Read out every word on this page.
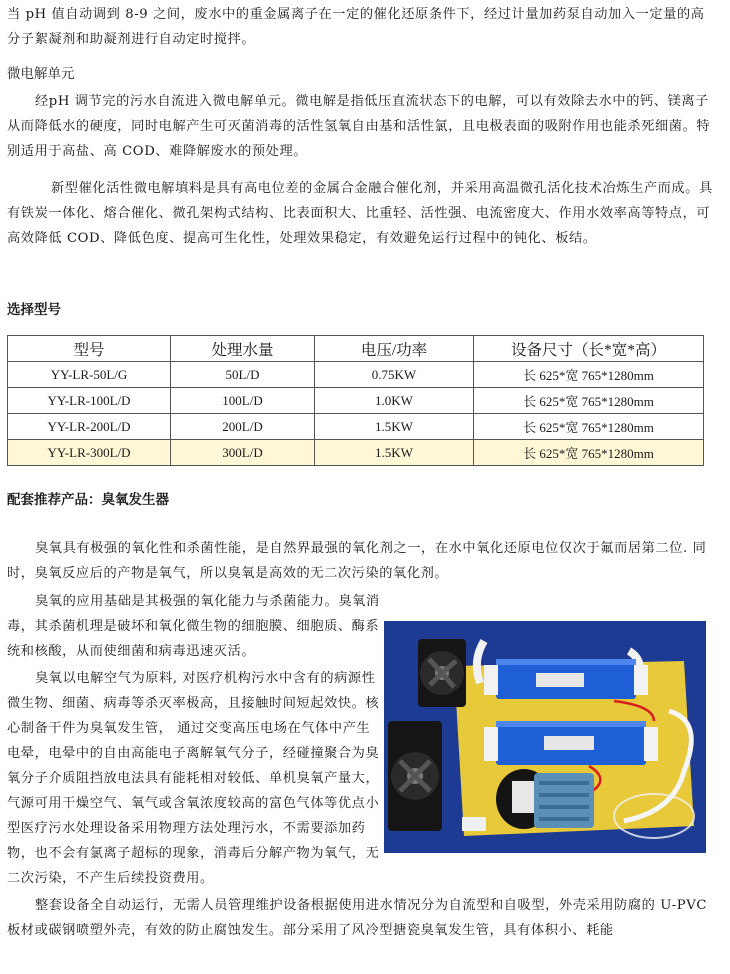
当 pH 值自动调到 8-9 之间，废水中的重金属离子在一定的催化还原条件下，经过计量加药泵自动加入一定量的高分子絮凝剂和助凝剂进行自动定时搅拌。

微电解单元

经pH 调节完的污水自流进入微电解单元。微电解是指低压直流状态下的电解，可以有效除去水中的钙、镁离子从而降低水的硬度，同时电解产生可灭菌消毒的活性氢氧自由基和活性氯，且电极表面的吸附作用也能杀死细菌。特别适用于高盐、高 COD、难降解废水的预处理。

新型催化活性微电解填料是具有高电位差的金属合金融合催化剂，并采用高温微孔活化技术冶炼生产而成。具有铁炭一体化、熔合催化、微孔架构式结构、比表面积大、比重轻、活性强、电流密度大、作用水效率高等特点，可高效降低 COD、降低色度、提高可生化性，处理效果稳定，有效避免运行过程中的钝化、板结。

选择型号

型号	处理水量	电压/功率	设备尺寸（长*宽*高）
YY-LR-50L/G	50L/D	0.75KW	长 625*宽 765*1280mm
YY-LR-100L/D	100L/D	1.0KW	长 625*宽 765*1280mm
YY-LR-200L/D	200L/D	1.5KW	长 625*宽 765*1280mm
YY-LR-300L/D	300L/D	1.5KW	长 625*宽 765*1280mm

配套推荐产品：臭氧发生器

臭氧具有极强的氧化性和杀菌性能，是自然界最强的氧化剂之一，在水中氧化还原电位仅次于氟而居第二位. 同时，臭氧反应后的产物是氧气，所以臭氧是高效的无二次污染的氧化剂。

臭氧的应用基础是其极强的氧化能力与杀菌能力。臭氧消毒，其杀菌机理是破坏和氧化微生物的细胞膜、细胞质、酶系统和核酸，从而使细菌和病毒迅速灭活。

臭氧以电解空气为原料, 对医疗机构污水中含有的病源性微生物、细菌、病毒等杀灭率极高，且接触时间短起效快。核心制备干件为臭氧发生管， 通过交变高压电场在气体中产生电晕，电晕中的自由高能电子离解氧气分子，经碰撞聚合为臭氧分子介质阻挡放电法具有能耗相对较低、单机臭氧产量大，气源可用干燥空气、氧气或含氧浓度较高的富色气体等优点小型医疗污水处理设备采用物理方法处理污水，不需要添加药物，也不会有氯离子超标的现象，消毒后分解产物为氧气，无二次污染，不产生后续投资费用。

整套设备全自动运行，无需人员管理维护设备根据使用进水情况分为自流型和自吸型，外壳采用防腐的 U-PVC 板材或碳钢喷塑外壳，有效的防止腐蚀发生。部分采用了风冷型搪瓷臭氧发生管，具有体积小、耗能
